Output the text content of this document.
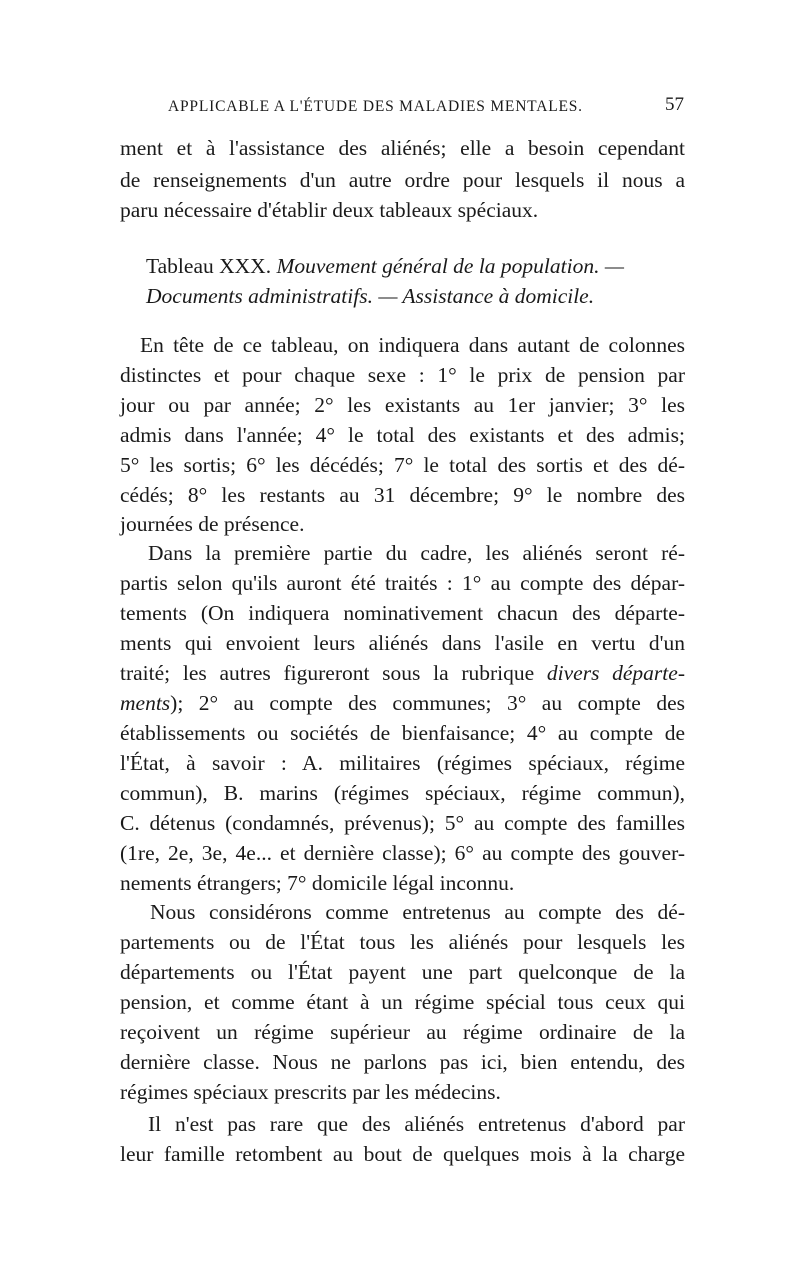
APPLICABLE A L'ÉTUDE DES MALADIES MENTALES.	57
ment et à l'assistance des aliénés; elle a besoin cependant
de renseignements d'un autre ordre pour lesquels il nous a
paru nécessaire d'établir deux tableaux spéciaux.
Tableau XXX. Mouvement général de la population. —
Documents administratifs. — Assistance à domicile.
En tête de ce tableau, on indiquera dans autant de colonnes
distinctes et pour chaque sexe : 1° le prix de pension par
jour ou par année; 2° les existants au 1er janvier; 3° les
admis dans l'année; 4° le total des existants et des admis;
5° les sortis; 6° les décédés; 7° le total des sortis et des dé-
cédés; 8° les restants au 31 décembre; 9° le nombre des
journées de présence.
Dans la première partie du cadre, les aliénés seront ré-
partis selon qu'ils auront été traités : 1° au compte des dépar-
tements (On indiquera nominativement chacun des départe-
ments qui envoient leurs aliénés dans l'asile en vertu d'un
traité; les autres figureront sous la rubrique divers départe-
ments); 2° au compte des communes; 3° au compte des
établissements ou sociétés de bienfaisance; 4° au compte de
l'État, à savoir : A. militaires (régimes spéciaux, régime
commun), B. marins (régimes spéciaux, régime commun),
C. détenus (condamnés, prévenus); 5° au compte des familles
(1re, 2e, 3e, 4e... et dernière classe); 6° au compte des gouver-
nements étrangers; 7° domicile légal inconnu.
Nous considérons comme entretenus au compte des dé-
partements ou de l'État tous les aliénés pour lesquels les
départements ou l'État payent une part quelconque de la
pension, et comme étant à un régime spécial tous ceux qui
reçoivent un régime supérieur au régime ordinaire de la
dernière classe. Nous ne parlons pas ici, bien entendu, des
régimes spéciaux prescrits par les médecins.
Il n'est pas rare que des aliénés entretenus d'abord par
leur famille retombent au bout de quelques mois à la charge
